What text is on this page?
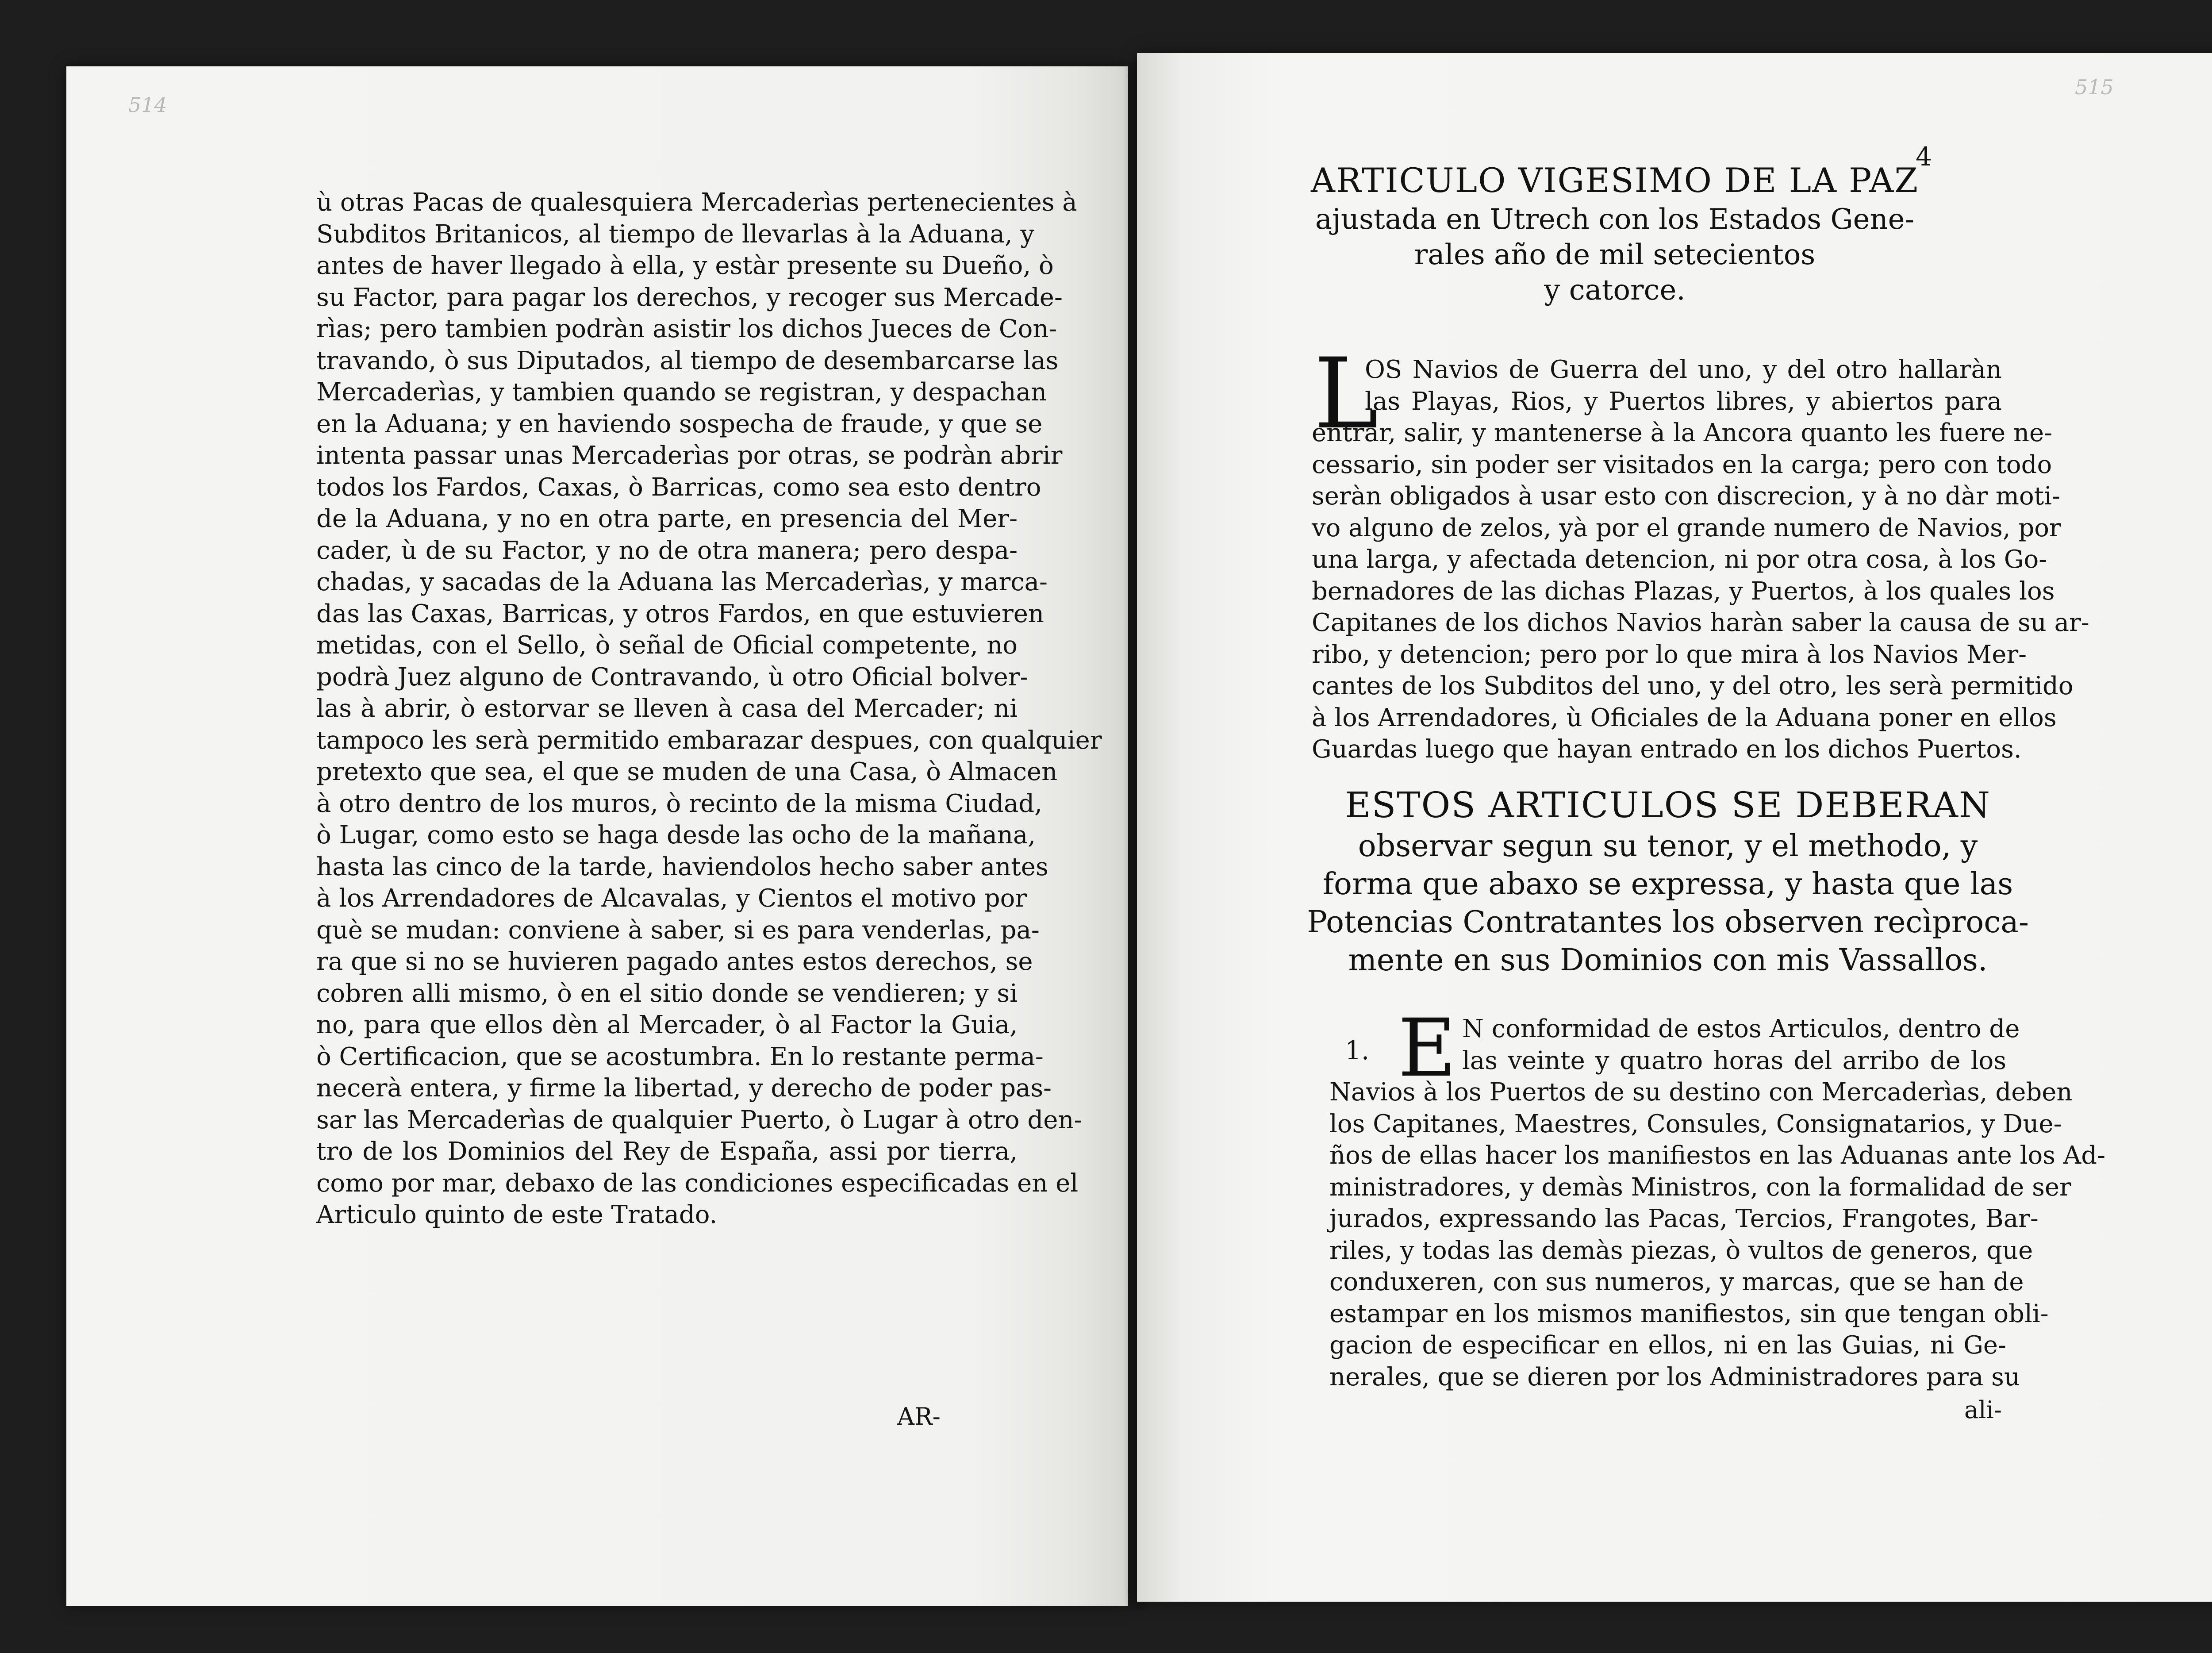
514
ù otras Pacas de qualesquiera Mercaderìas pertenecientes à
Subditos Britanicos, al tiempo de llevarlas à la Aduana, y
antes de haver llegado à ella, y estàr presente su Dueño, ò
su Factor, para pagar los derechos, y recoger sus Mercade-
rìas; pero tambien podràn asistir los dichos Jueces de Con-
travando, ò sus Diputados, al tiempo de desembarcarse las
Mercaderìas, y tambien quando se registran, y despachan
en la Aduana; y en haviendo sospecha de fraude, y que se
intenta passar unas Mercaderìas por otras, se podràn abrir
todos los Fardos, Caxas, ò Barricas, como sea esto dentro
de la Aduana, y no en otra parte, en presencia del Mer-
cader, ù de su Factor, y no de otra manera; pero despa-
chadas, y sacadas de la Aduana las Mercaderìas, y marca-
das las Caxas, Barricas, y otros Fardos, en que estuvieren
metidas, con el Sello, ò señal de Oficial competente, no
podrà Juez alguno de Contravando, ù otro Oficial bolver-
las à abrir, ò estorvar se lleven à casa del Mercader; ni
tampoco les serà permitido embarazar despues, con qualquier
pretexto que sea, el que se muden de una Casa, ò Almacen
à otro dentro de los muros, ò recinto de la misma Ciudad,
ò Lugar, como esto se haga desde las ocho de la mañana,
hasta las cinco de la tarde, haviendolos hecho saber antes
à los Arrendadores de Alcavalas, y Cientos el motivo por
què se mudan: conviene à saber, si es para venderlas, pa-
ra que si no se huvieren pagado antes estos derechos, se
cobren alli mismo, ò en el sitio donde se vendieren; y si
no, para que ellos dèn al Mercader, ò al Factor la Guia,
ò Certificacion, que se acostumbra. En lo restante perma-
necerà entera, y firme la libertad, y derecho de poder pas-
sar las Mercaderìas de qualquier Puerto, ò Lugar à otro den-
tro de los Dominios del Rey de España, assi por tierra,
como por mar, debaxo de las condiciones especificadas en el
Articulo quinto de este Tratado.
AR-
515
4
ARTICULO VIGESIMO DE LA PAZ
ajustada en Utrech con los Estados Gene-
rales año de mil setecientos
y catorce.
L
OS Navios de Guerra del uno, y del otro hallaràn
las Playas, Rios, y Puertos libres, y abiertos para
entrar, salir, y mantenerse à la Ancora quanto les fuere ne-
cessario, sin poder ser visitados en la carga; pero con todo
seràn obligados à usar esto con discrecion, y à no dàr moti-
vo alguno de zelos, yà por el grande numero de Navios, por
una larga, y afectada detencion, ni por otra cosa, à los Go-
bernadores de las dichas Plazas, y Puertos, à los quales los
Capitanes de los dichos Navios haràn saber la causa de su ar-
ribo, y detencion; pero por lo que mira à los Navios Mer-
cantes de los Subditos del uno, y del otro, les serà permitido
à los Arrendadores, ù Oficiales de la Aduana poner en ellos
Guardas luego que hayan entrado en los dichos Puertos.
ESTOS ARTICULOS SE DEBERAN
observar segun su tenor, y el methodo, y
forma que abaxo se expressa, y hasta que las
Potencias Contratantes los observen recìproca-
mente en sus Dominios con mis Vassallos.
1. E N conformidad de estos Articulos, dentro de
las veinte y quatro horas del arribo de los
Navios à los Puertos de su destino con Mercaderìas, deben
los Capitanes, Maestres, Consules, Consignatarios, y Due-
ños de ellas hacer los manifiestos en las Aduanas ante los Ad-
ministradores, y demàs Ministros, con la formalidad de ser
jurados, expressando las Pacas, Tercios, Frangotes, Bar-
riles, y todas las demàs piezas, ò vultos de generos, que
conduxeren, con sus numeros, y marcas, que se han de
estampar en los mismos manifiestos, sin que tengan obli-
gacion de especificar en ellos, ni en las Guias, ni Ge-
nerales, que se dieren por los Administradores para su
ali-
